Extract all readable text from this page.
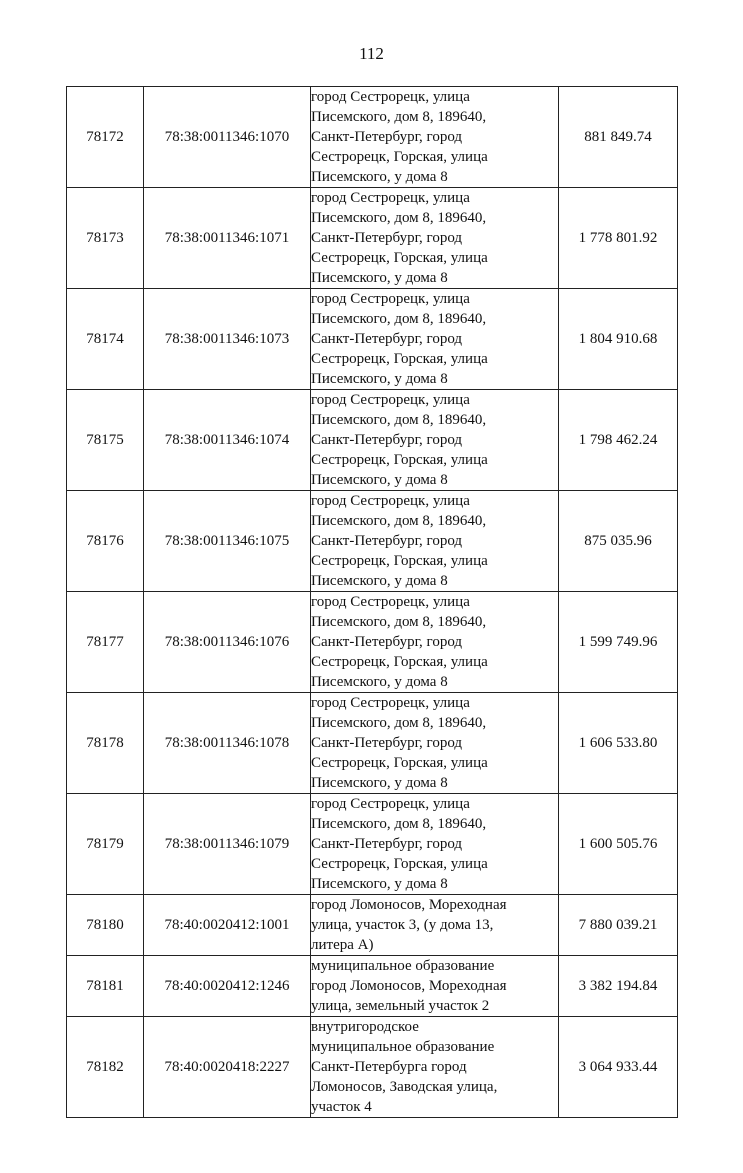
112
78172	78:38:0011346:1070	город Сестрорецк, улица
Писемского, дом 8, 189640,
Санкт-Петербург, город
Сестрорецк, Горская, улица
Писемского, у дома 8	881 849.74
78173	78:38:0011346:1071	город Сестрорецк, улица
Писемского, дом 8, 189640,
Санкт-Петербург, город
Сестрорецк, Горская, улица
Писемского, у дома 8	1 778 801.92
78174	78:38:0011346:1073	город Сестрорецк, улица
Писемского, дом 8, 189640,
Санкт-Петербург, город
Сестрорецк, Горская, улица
Писемского, у дома 8	1 804 910.68
78175	78:38:0011346:1074	город Сестрорецк, улица
Писемского, дом 8, 189640,
Санкт-Петербург, город
Сестрорецк, Горская, улица
Писемского, у дома 8	1 798 462.24
78176	78:38:0011346:1075	город Сестрорецк, улица
Писемского, дом 8, 189640,
Санкт-Петербург, город
Сестрорецк, Горская, улица
Писемского, у дома 8	875 035.96
78177	78:38:0011346:1076	город Сестрорецк, улица
Писемского, дом 8, 189640,
Санкт-Петербург, город
Сестрорецк, Горская, улица
Писемского, у дома 8	1 599 749.96
78178	78:38:0011346:1078	город Сестрорецк, улица
Писемского, дом 8, 189640,
Санкт-Петербург, город
Сестрорецк, Горская, улица
Писемского, у дома 8	1 606 533.80
78179	78:38:0011346:1079	город Сестрорецк, улица
Писемского, дом 8, 189640,
Санкт-Петербург, город
Сестрорецк, Горская, улица
Писемского, у дома 8	1 600 505.76
78180	78:40:0020412:1001	город Ломоносов, Мореходная
улица, участок 3, (у дома 13,
литера А)	7 880 039.21
78181	78:40:0020412:1246	муниципальное образование
город Ломоносов, Мореходная
улица, земельный участок 2	3 382 194.84
78182	78:40:0020418:2227	внутригородское
муниципальное образование
Санкт-Петербурга город
Ломоносов, Заводская улица,
участок 4	3 064 933.44
